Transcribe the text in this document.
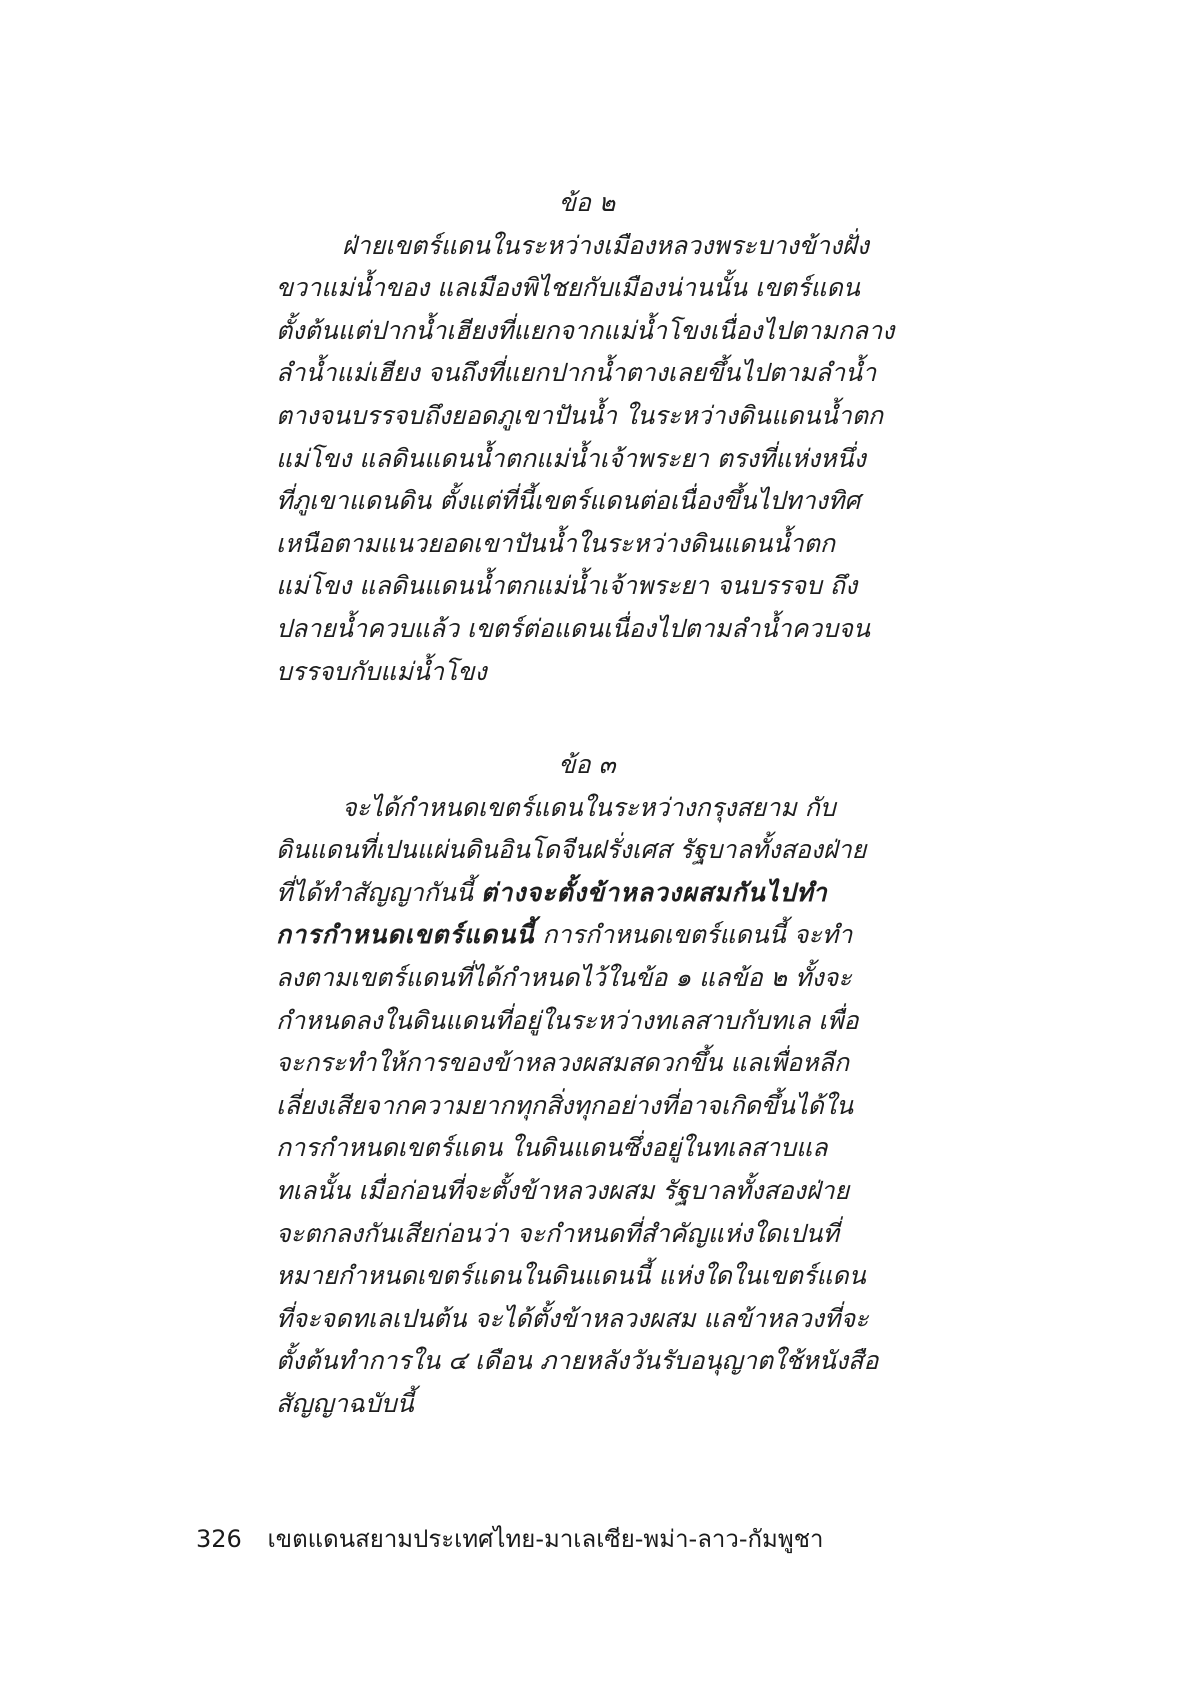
ข้อ ๒
ฝ่ายเขตร์แดนในระหว่างเมืองหลวงพระบางข้างฝั่ง
ขวาแม่น้ำของ แลเมืองพิไชยกับเมืองน่านนั้น เขตร์แดน
ตั้งต้นแต่ปากน้ำเฮียงที่แยกจากแม่น้ำโขงเนื่องไปตามกลาง
ลำน้ำแม่เฮียง จนถึงที่แยกปากน้ำตางเลยขึ้นไปตามลำน้ำ
ตางจนบรรจบถึงยอดภูเขาปันน้ำ ในระหว่างดินแดนน้ำตก
แม่โขง แลดินแดนน้ำตกแม่น้ำเจ้าพระยา ตรงที่แห่งหนึ่ง
ที่ภูเขาแดนดิน ตั้งแต่ที่นี้เขตร์แดนต่อเนื่องขึ้นไปทางทิศ
เหนือตามแนวยอดเขาปันน้ำในระหว่างดินแดนน้ำตก
แม่โขง แลดินแดนน้ำตกแม่น้ำเจ้าพระยา จนบรรจบ ถึง
ปลายน้ำควบแล้ว เขตร์ต่อแดนเนื่องไปตามลำน้ำควบจน
บรรจบกับแม่น้ำโขง
ข้อ ๓
จะได้กำหนดเขตร์แดนในระหว่างกรุงสยาม กับ
ดินแดนที่เปนแผ่นดินอินโดจีนฝรั่งเศส รัฐบาลทั้งสองฝ่าย
ที่ได้ทำสัญญากันนี้ ต่างจะตั้งข้าหลวงผสมกันไปทำ
การกำหนดเขตร์แดนนี้ การกำหนดเขตร์แดนนี้ จะทำ
ลงตามเขตร์แดนที่ได้กำหนดไว้ในข้อ ๑ แลข้อ ๒ ทั้งจะ
กำหนดลงในดินแดนที่อยู่ในระหว่างทเลสาบกับทเล เพื่อ
จะกระทำให้การของข้าหลวงผสมสดวกขึ้น แลเพื่อหลีก
เลี่ยงเสียจากความยากทุกสิ่งทุกอย่างที่อาจเกิดขึ้นได้ใน
การกำหนดเขตร์แดน ในดินแดนซึ่งอยู่ในทเลสาบแล
ทเลนั้น เมื่อก่อนที่จะตั้งข้าหลวงผสม รัฐบาลทั้งสองฝ่าย
จะตกลงกันเสียก่อนว่า จะกำหนดที่สำคัญแห่งใดเปนที่
หมายกำหนดเขตร์แดนในดินแดนนี้ แห่งใดในเขตร์แดน
ที่จะจดทเลเปนต้น จะได้ตั้งข้าหลวงผสม แลข้าหลวงที่จะ
ตั้งต้นทำการใน ๔ เดือน ภายหลังวันรับอนุญาตใช้หนังสือ
สัญญาฉบับนี้
326 เขตแดนสยามประเทศไทย-มาเลเซีย-พม่า-ลาว-กัมพูชา
